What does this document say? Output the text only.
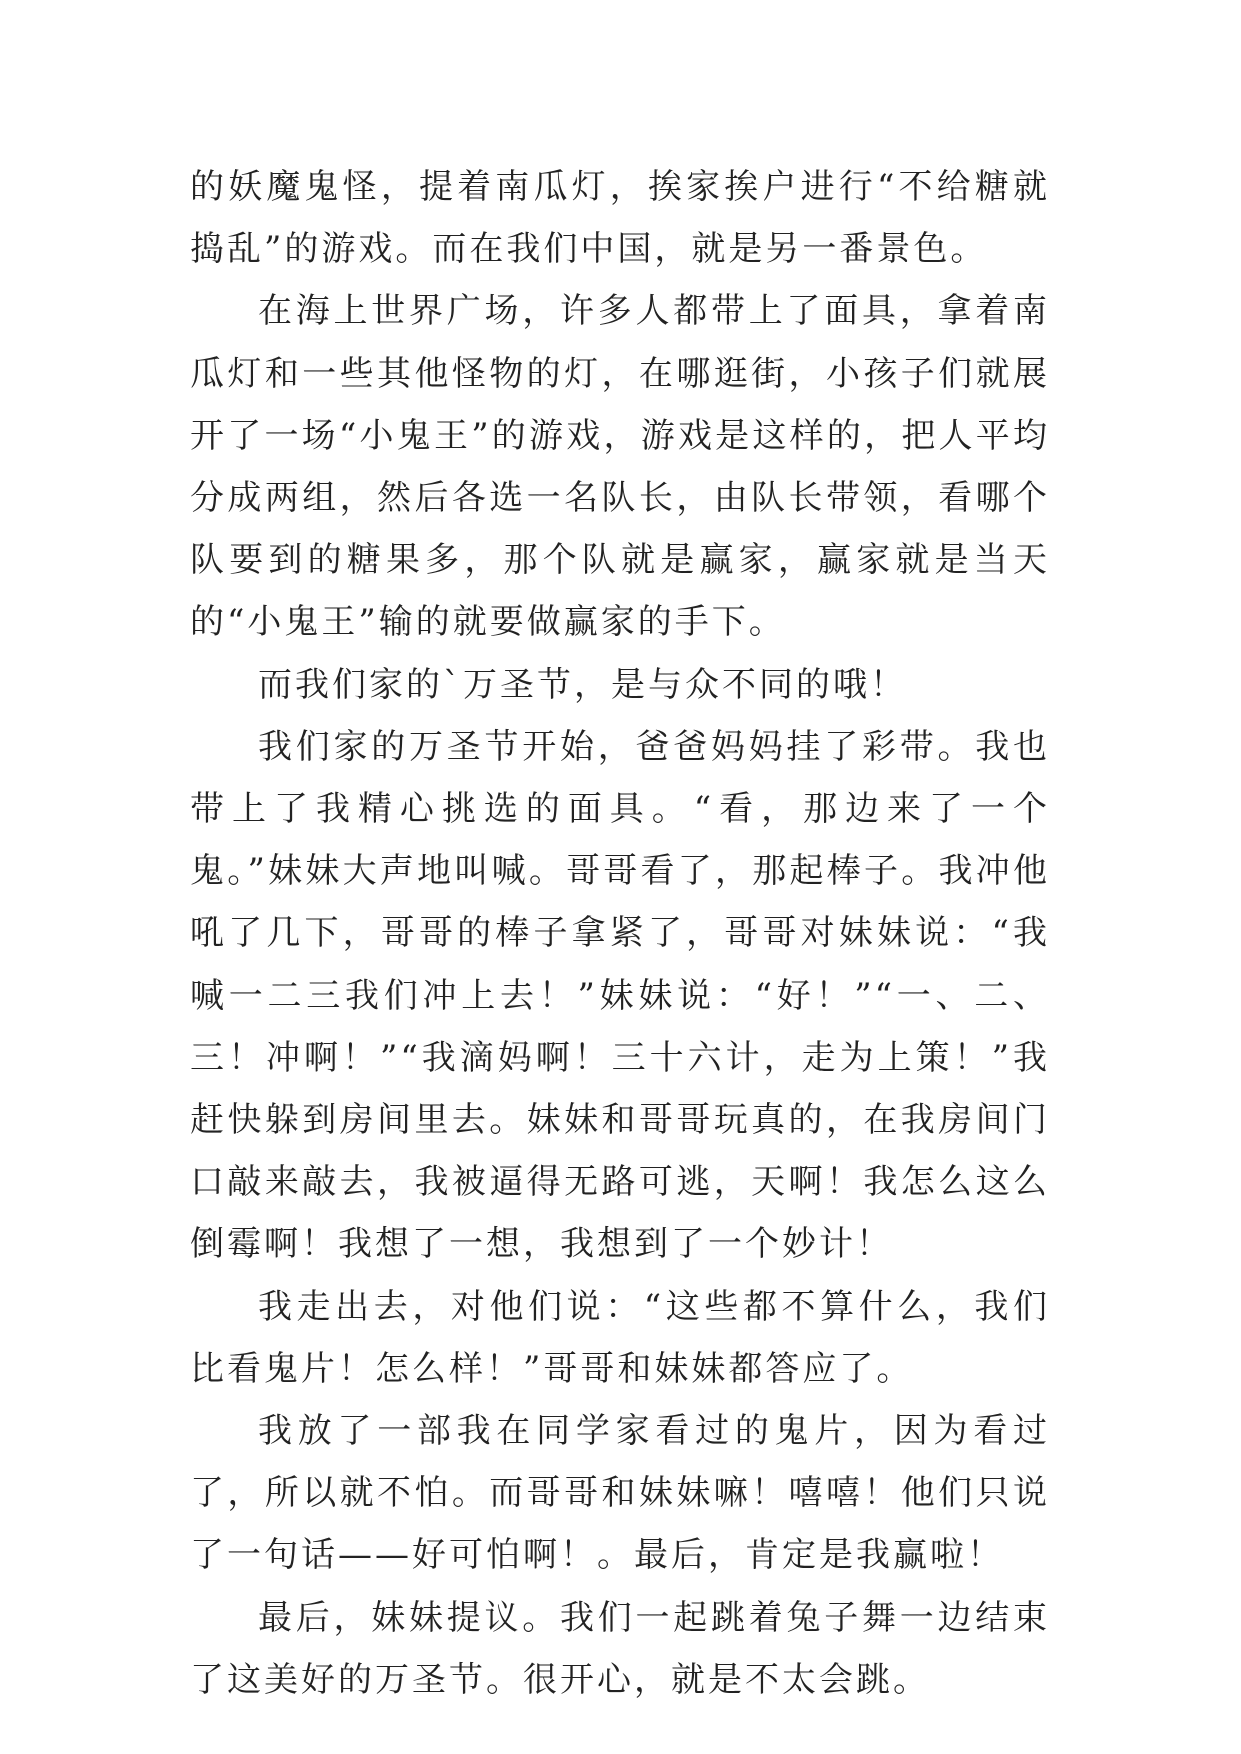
的妖魔鬼怪，提着南瓜灯，挨家挨户进行“不给糖就捣乱”的游戏。而在我们中国，就是另一番景色。

在海上世界广场，许多人都带上了面具，拿着南瓜灯和一些其他怪物的灯，在哪逛街，小孩子们就展开了一场“小鬼王”的游戏，游戏是这样的，把人平均分成两组，然后各选一名队长，由队长带领，看哪个队要到的糖果多，那个队就是赢家，赢家就是当天的“小鬼王”输的就要做赢家的手下。

而我们家的`万圣节，是与众不同的哦！

我们家的万圣节开始，爸爸妈妈挂了彩带。我也带上了我精心挑选的面具。“看，那边来了一个鬼。”妹妹大声地叫喊。哥哥看了，那起棒子。我冲他吼了几下，哥哥的棒子拿紧了，哥哥对妹妹说：“我喊一二三我们冲上去！”妹妹说：“好！”“一、二、三！冲啊！”“我滴妈啊！三十六计，走为上策！”我赶快躲到房间里去。妹妹和哥哥玩真的，在我房间门口敲来敲去，我被逼得无路可逃，天啊！我怎么这么倒霉啊！我想了一想，我想到了一个妙计！

我走出去，对他们说：“这些都不算什么，我们比看鬼片！怎么样！”哥哥和妹妹都答应了。

我放了一部我在同学家看过的鬼片，因为看过了，所以就不怕。而哥哥和妹妹嘛！嘻嘻！他们只说了一句话——好可怕啊！。最后，肯定是我赢啦！

最后，妹妹提议。我们一起跳着兔子舞一边结束了这美好的万圣节。很开心，就是不太会跳。
